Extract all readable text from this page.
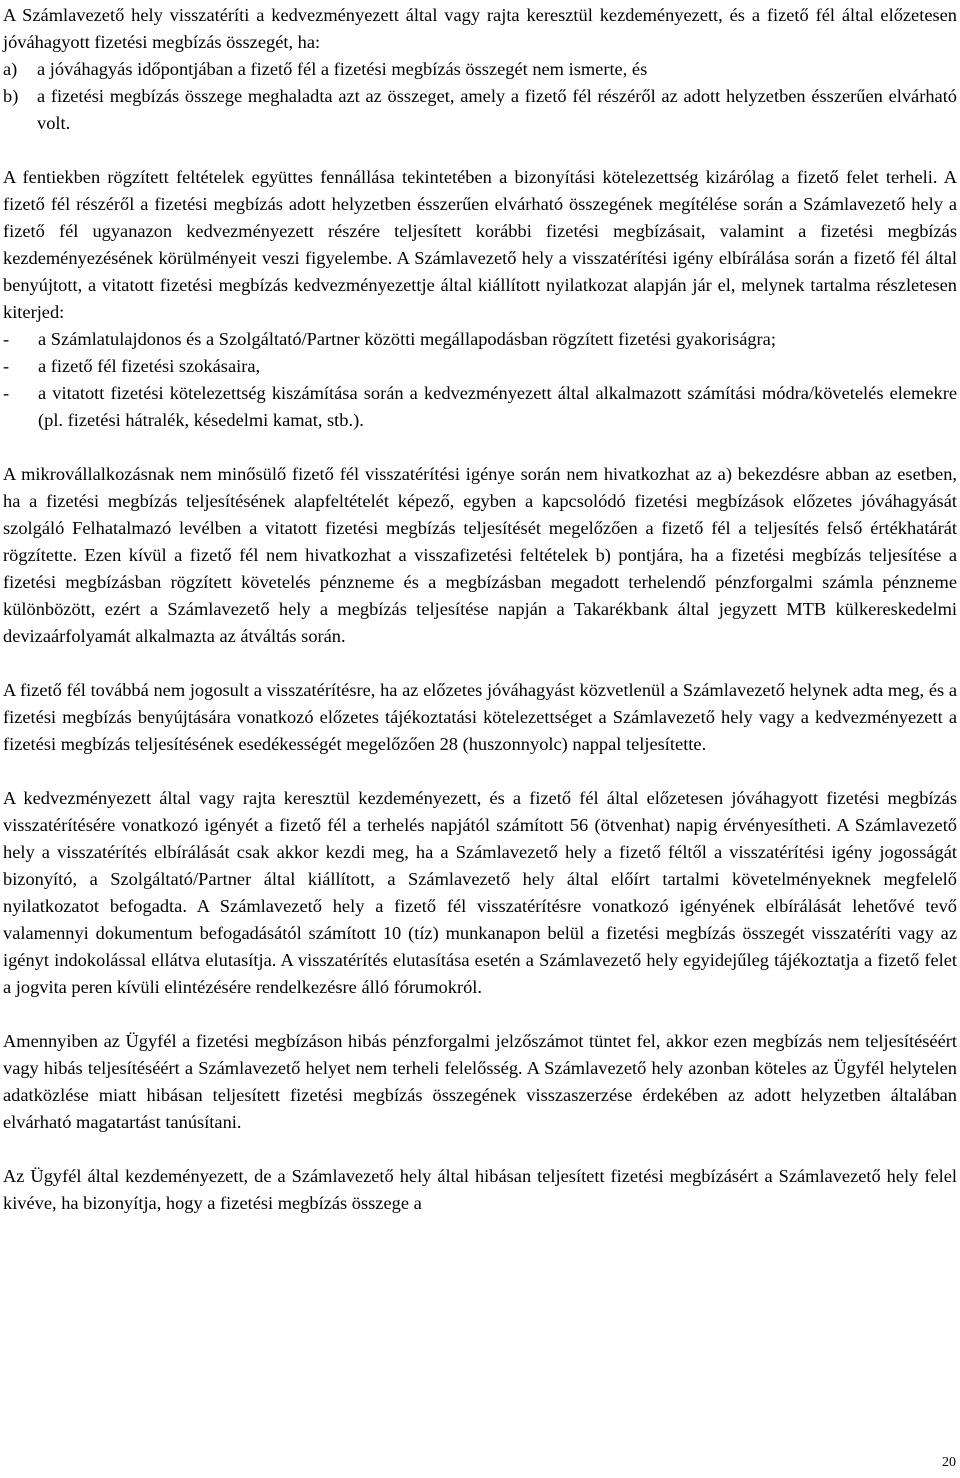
A Számlavezető hely visszatéríti a kedvezményezett által vagy rajta keresztül kezdeményezett, és a fizető fél által előzetesen jóváhagyott fizetési megbízás összegét, ha:

a)	a jóváhagyás időpontjában a fizető fél a fizetési megbízás összegét nem ismerte, és
b)	a fizetési megbízás összege meghaladta azt az összeget, amely a fizető fél részéről az adott helyzetben ésszerűen elvárható volt.

A fentiekben rögzített feltételek együttes fennállása tekintetében a bizonyítási kötelezettség kizárólag a fizető felet terheli. A fizető fél részéről a fizetési megbízás adott helyzetben ésszerűen elvárható összegének megítélése során a Számlavezető hely a fizető fél ugyanazon kedvezményezett részére teljesített korábbi fizetési megbízásait, valamint a fizetési megbízás kezdeményezésének körülményeit veszi figyelembe. A Számlavezető hely a visszatérítési igény elbírálása során a fizető fél által benyújtott, a vitatott fizetési megbízás kedvezményezettje által kiállított nyilatkozat alapján jár el, melynek tartalma részletesen kiterjed:

-	a Számlatulajdonos és a Szolgáltató/Partner közötti megállapodásban rögzített fizetési gyakoriságra;
-	a fizető fél fizetési szokásaira,
-	a vitatott fizetési kötelezettség kiszámítása során a kedvezményezett által alkalmazott számítási módra/követelés elemekre (pl. fizetési hátralék, késedelmi kamat, stb.).

A mikrovállalkozásnak nem minősülő fizető fél visszatérítési igénye során nem hivatkozhat az a) bekezdésre abban az esetben, ha a fizetési megbízás teljesítésének alapfeltételét képező, egyben a kapcsolódó fizetési megbízások előzetes jóváhagyását szolgáló Felhatalmazó levélben a vitatott fizetési megbízás teljesítését megelőzően a fizető fél a teljesítés felső értékhatárát rögzítette. Ezen kívül a fizető fél nem hivatkozhat a visszafizetési feltételek b) pontjára, ha a fizetési megbízás teljesítése a fizetési megbízásban rögzített követelés pénzneme és a megbízásban megadott terhelendő pénzforgalmi számla pénzneme különbözött, ezért a Számlavezető hely a megbízás teljesítése napján a Takarékbank által jegyzett MTB külkereskedelmi devizaárfolyamát alkalmazta az átváltás során.

A fizető fél továbbá nem jogosult a visszatérítésre, ha az előzetes jóváhagyást közvetlenül a Számlavezető helynek adta meg, és a fizetési megbízás benyújtására vonatkozó előzetes tájékoztatási kötelezettséget a Számlavezető hely vagy a kedvezményezett a fizetési megbízás teljesítésének esedékességét megelőzően 28 (huszonnyolc) nappal teljesítette.

A kedvezményezett által vagy rajta keresztül kezdeményezett, és a fizető fél által előzetesen jóváhagyott fizetési megbízás visszatérítésére vonatkozó igényét a fizető fél a terhelés napjától számított 56 (ötvenhat) napig érvényesítheti. A Számlavezető hely a visszatérítés elbírálását csak akkor kezdi meg, ha a Számlavezető hely a fizető féltől a visszatérítési igény jogosságát bizonyító, a Szolgáltató/Partner által kiállított, a Számlavezető hely által előírt tartalmi követelményeknek megfelelő nyilatkozatot befogadta. A Számlavezető hely a fizető fél visszatérítésre vonatkozó igényének elbírálását lehetővé tevő valamennyi dokumentum befogadásától számított 10 (tíz) munkanapon belül a fizetési megbízás összegét visszatéríti vagy az igényt indokolással ellátva elutasítja. A visszatérítés elutasítása esetén a Számlavezető hely egyidejűleg tájékoztatja a fizető felet a jogvita peren kívüli elintézésére rendelkezésre álló fórumokról.

Amennyiben az Ügyfél a fizetési megbízáson hibás pénzforgalmi jelzőszámot tüntet fel, akkor ezen megbízás nem teljesítéséért vagy hibás teljesítéséért a Számlavezető helyet nem terheli felelősség. A Számlavezető hely azonban köteles az Ügyfél helytelen adatközlése miatt hibásan teljesített fizetési megbízás összegének visszaszerzése érdekében az adott helyzetben általában elvárható magatartást tanúsítani.

Az Ügyfél által kezdeményezett, de a Számlavezető hely által hibásan teljesített fizetési megbízásért a Számlavezető hely felel kivéve, ha bizonyítja, hogy a fizetési megbízás összege a

20
